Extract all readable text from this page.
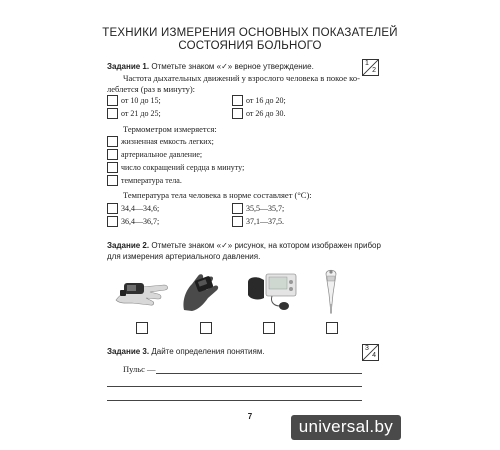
ТЕХНИКИ ИЗМЕРЕНИЯ ОСНОВНЫХ ПОКАЗАТЕЛЕЙ
СОСТОЯНИЯ БОЛЬНОГО
Задание 1. Отметьте знаком «✓» верное утверждение.	1
2
Частота дыхательных движений у взрослого человека в покое ко-
леблется (раз в минуту):
от 10 до 15;	от 16 до 20;
от 21 до 25;	от 26 до 30.
Термометром измеряется:
жизненная емкость легких;
артериальное давление;
число сокращений сердца в минуту;
температура тела.
Температура тела человека в норме составляет (°C):
34,4—34,6;	35,5—35,7;
36,4—36,7;	37,1—37,5.
Задание 2. Отметьте знаком «✓» рисунок, на котором изображен прибор
для измерения артериального давления.
Задание 3. Дайте определения понятиям.	3
4
Пульс —
7
universal.by
